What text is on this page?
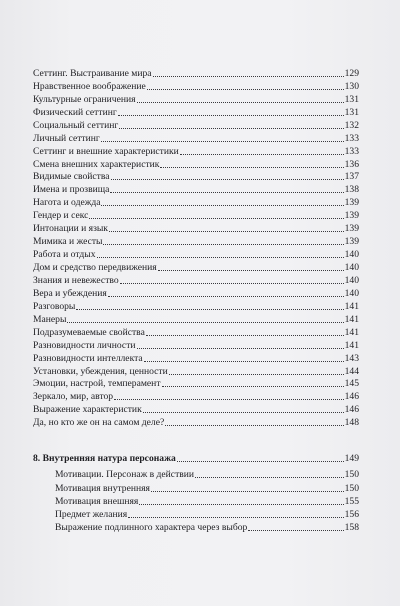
Сеттинг. Выстраивание мира	129
Нравственное воображение	130
Культурные ограничения	131
Физический сеттинг	131
Социальный сеттинг	132
Личный сеттинг	133
Сеттинг и внешние характеристики	133
Смена внешних характеристик	136
Видимые свойства	137
Имена и прозвища	138
Нагота и одежда	139
Гендер и секс	139
Интонации и язык	139
Мимика и жесты	139
Работа и отдых	140
Дом и средство передвижения	140
Знания и невежество	140
Вера и убеждения	140
Разговоры	141
Манеры	141
Подразумеваемые свойства	141
Разновидности личности	141
Разновидности интеллекта	143
Установки, убеждения, ценности	144
Эмоции, настрой, темперамент	145
Зеркало, мир, автор	146
Выражение характеристик	146
Да, но кто же он на самом деле?	148
8. Внутренняя натура персонажа	149
Мотивации. Персонаж в действии	150
Мотивация внутренняя	150
Мотивация внешняя	155
Предмет желания	156
Выражение подлинного характера через выбор	158
